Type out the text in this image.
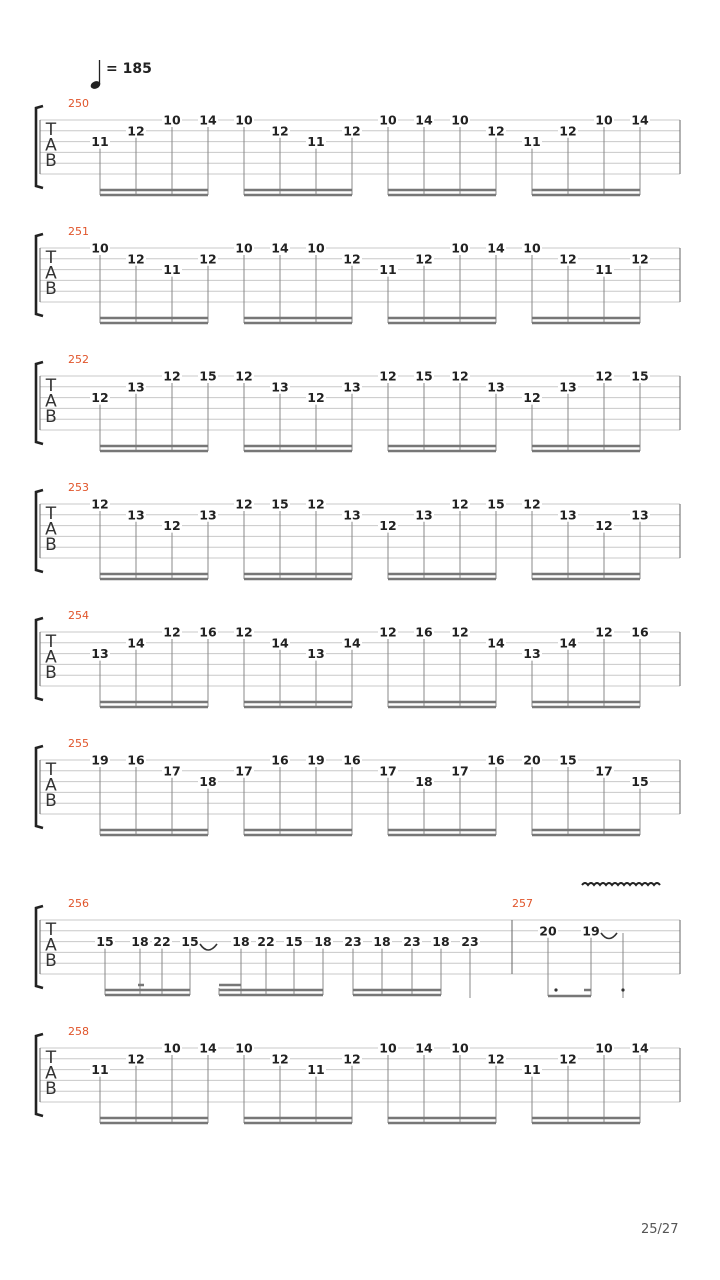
= 185
T
A
B
250
11
12
10 14 10
12
11
12
10 14 10
12
11
12
10 14
T
A
B
251
10
12
11
12
10 14 10
12
11
12
10 14 10
12
11
12
T
A
B
252
12
13
12 15 12
13
12
13
12 15 12
13
12
13
12 15
T
A
B
253
12
13
12
13
12 15 12
13
12
13
12 15 12
13
12
13
T
A
B
254
13
14
12 16 12
14
13
14
12 16 12
14
13
14
12 16
T
A
B
255
19 16
17
18
17
16 19 16
17
18
17
16 20 15
17
15
T
A
B
256	257
15 18 22 15	18 22 15 18 23 18 23 18 23
20 19
T
A
B
258
11
12
10 14 10
12
11
12
10 14 10
12
11
12
10 14
25/27
